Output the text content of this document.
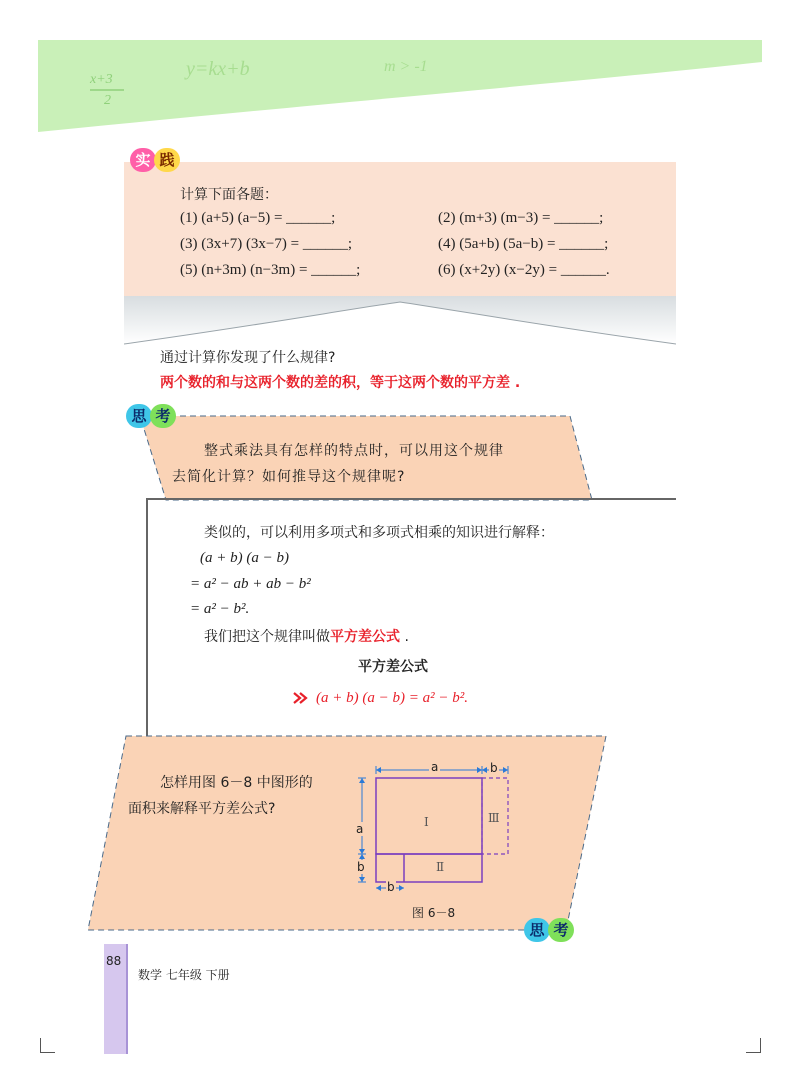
x+3
2
y=kx+b	m > -1
实 践
计算下面各题：
(1) (a+5) (a−5) = ______;	(2) (m+3) (m−3) = ______;
(3) (3x+7) (3x−7) = ______;	(4) (5a+b) (5a−b) = ______;
(5) (n+3m) (n−3m) = ______;	(6) (x+2y) (x−2y) = ______.
通过计算你发现了什么规律?
两个数的和与这两个数的差的积，等于这两个数的平方差 .
思 考
整式乘法具有怎样的特点时，可以用这个规律
去简化计算？如何推导这个规律呢?
类似的，可以利用多项式和多项式相乘的知识进行解释：
(a + b) (a − b)
= a² − ab + ab − b²
= a² − b².
我们把这个规律叫做平方差公式 .
平方差公式
(a + b) (a − b) = a² − b².
怎样用图 6－8 中图形的
面积来解释平方差公式?
a	b
a
b
b
Ⅰ
Ⅱ
Ⅲ
图 6－8
思 考
88
数学 七年级 下册
